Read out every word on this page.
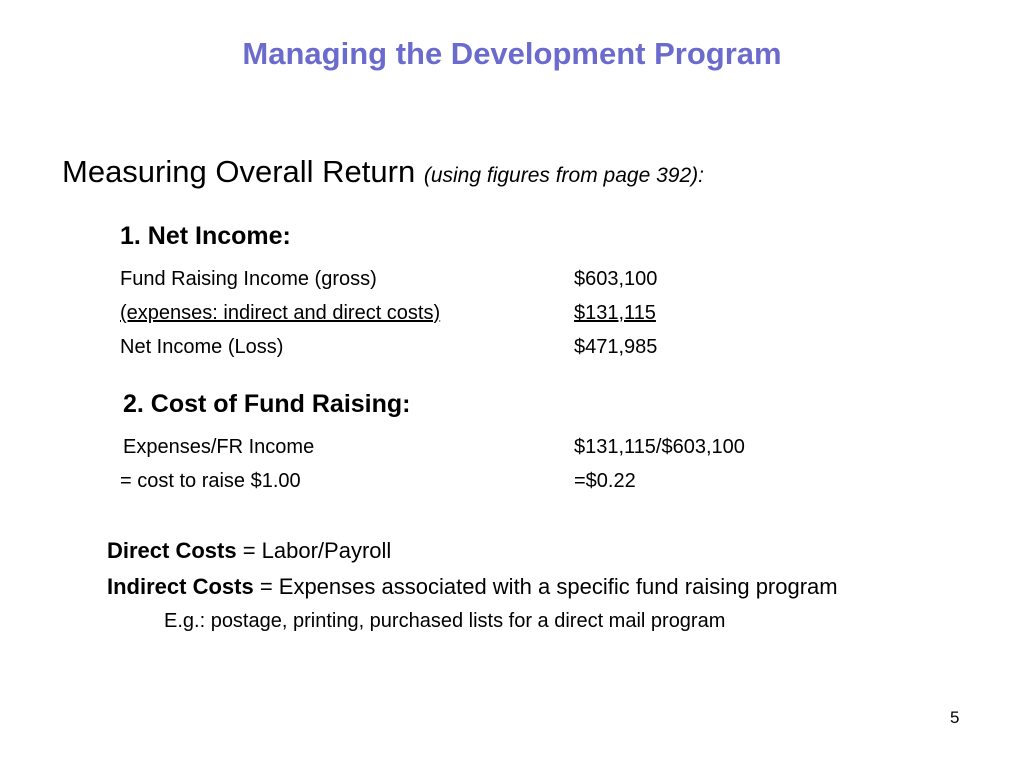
Managing the Development Program
Measuring Overall Return (using figures from page 392):
1. Net Income:
Fund Raising Income (gross)	$603,100
(expenses: indirect and direct costs)	$131,115
Net Income (Loss)	$471,985
2. Cost of Fund Raising:
Expenses/FR Income	$131,115/$603,100
= cost to raise $1.00	=$0.22
Direct Costs = Labor/Payroll
Indirect Costs = Expenses associated with a specific fund raising program
E.g.: postage, printing, purchased lists for a direct mail program
5
